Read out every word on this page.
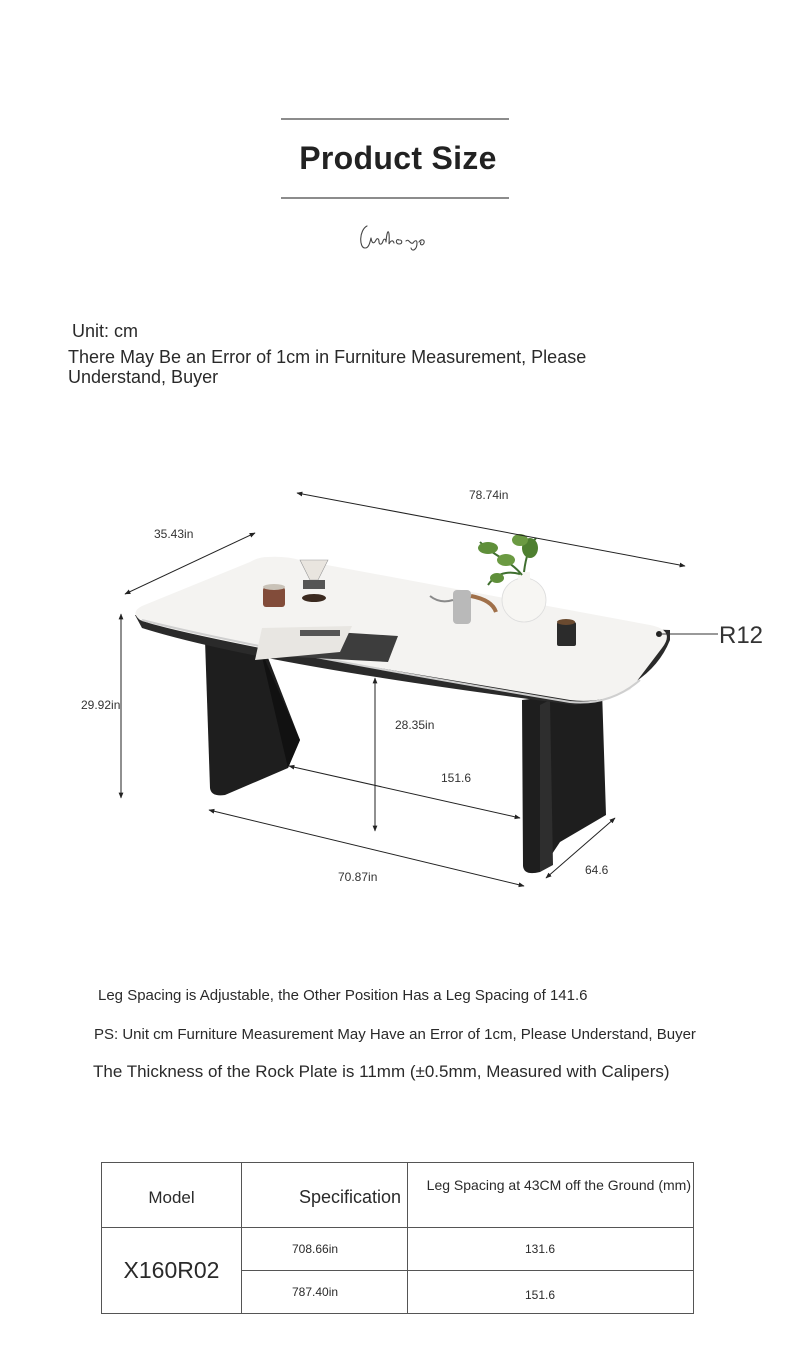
Product Size
Unit: cm
There May Be an Error of 1cm in Furniture Measurement, Please Understand, Buyer
78.74in
35.43in
R12
29.92in
28.35in
151.6
70.87in	64.6
Leg Spacing is Adjustable, the Other Position Has a Leg Spacing of 141.6
PS: Unit cm Furniture Measurement May Have an Error of 1cm, Please Understand, Buyer
The Thickness of the Rock Plate is 11mm (±0.5mm, Measured with Calipers)
Model	Specification	Leg Spacing at 43CM off the Ground (mm)
X160R02	708.66in	131.6
	787.40in	151.6
